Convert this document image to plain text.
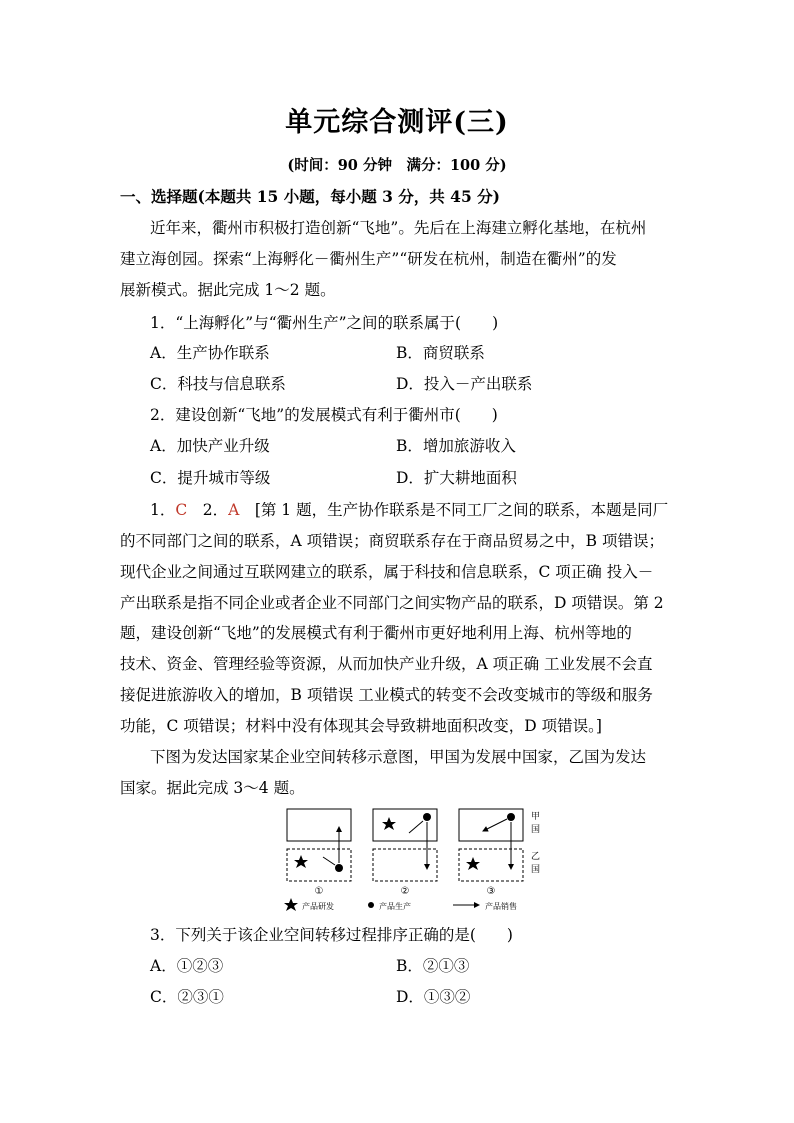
单元综合测评(三)
(时间：90 分钟　满分：100 分)
一、选择题(本题共 15 小题，每小题 3 分，共 45 分)
近年来，衢州市积极打造创新“飞地”。先后在上海建立孵化基地，在杭州
建立海创园。探索“上海孵化－衢州生产”“研发在杭州，制造在衢州”的发
展新模式。据此完成 1～2 题。
1．“上海孵化”与“衢州生产”之间的联系属于(　　)
A．生产协作联系	B．商贸联系
C．科技与信息联系	D．投入－产出联系
2．建设创新“飞地”的发展模式有利于衢州市(　　)
A．加快产业升级	B．增加旅游收入
C．提升城市等级	D．扩大耕地面积
1．C　2．A　[第 1 题，生产协作联系是不同工厂之间的联系，本题是同厂
的不同部门之间的联系，A 项错误；商贸联系存在于商品贸易之中，B 项错误；
现代企业之间通过互联网建立的联系，属于科技和信息联系，C 项正确 投入－
产出联系是指不同企业或者企业不同部门之间实物产品的联系，D 项错误。第 2
题，建设创新“飞地”的发展模式有利于衢州市更好地利用上海、杭州等地的
技术、资金、管理经验等资源，从而加快产业升级，A 项正确 工业发展不会直
接促进旅游收入的增加，B 项错误 工业模式的转变不会改变城市的等级和服务
功能，C 项错误；材料中没有体现其会导致耕地面积改变，D 项错误。]
下图为发达国家某企业空间转移示意图，甲国为发展中国家，乙国为发达
国家。据此完成 3～4 题。
甲
国
乙
国
①	②	③
产品研发	产品生产	产品销售
3．下列关于该企业空间转移过程排序正确的是(　　)
A．①②③	B．②①③
C．②③①	D．①③②
